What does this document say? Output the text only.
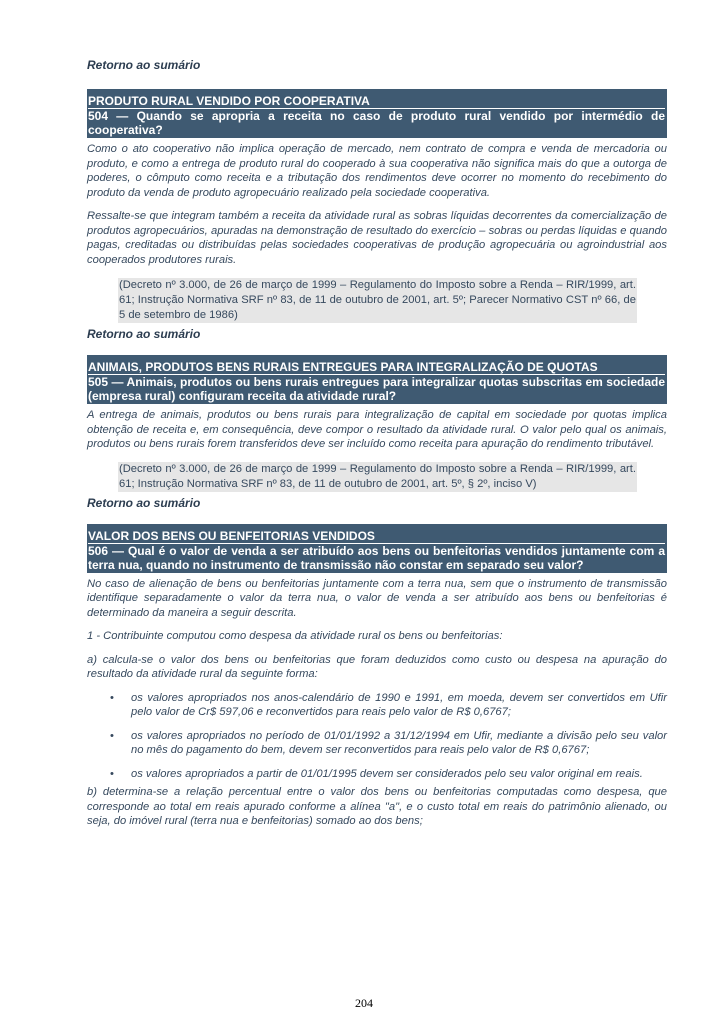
Retorno ao sumário

PRODUTO RURAL VENDIDO POR COOPERATIVA
504 — Quando se apropria a receita no caso de produto rural vendido por intermédio de cooperativa?

Como o ato cooperativo não implica operação de mercado, nem contrato de compra e venda de mercadoria ou produto, e como a entrega de produto rural do cooperado à sua cooperativa não significa mais do que a outorga de poderes, o cômputo como receita e a tributação dos rendimentos deve ocorrer no momento do recebimento do produto da venda de produto agropecuário realizado pela sociedade cooperativa.

Ressalte-se que integram também a receita da atividade rural as sobras líquidas decorrentes da comercialização de produtos agropecuários, apuradas na demonstração de resultado do exercício – sobras ou perdas líquidas e quando pagas, creditadas ou distribuídas pelas sociedades cooperativas de produção agropecuária ou agroindustrial aos cooperados produtores rurais.

(Decreto nº 3.000, de 26 de março de 1999 – Regulamento do Imposto sobre a Renda – RIR/1999, art. 61; Instrução Normativa SRF nº 83, de 11 de outubro de 2001, art. 5º; Parecer Normativo CST nº 66, de 5 de setembro de 1986)

Retorno ao sumário

ANIMAIS, PRODUTOS BENS RURAIS ENTREGUES PARA INTEGRALIZAÇÃO DE QUOTAS
505 — Animais, produtos ou bens rurais entregues para integralizar quotas subscritas em sociedade (empresa rural) configuram receita da atividade rural?

A entrega de animais, produtos ou bens rurais para integralização de capital em sociedade por quotas implica obtenção de receita e, em consequência, deve compor o resultado da atividade rural. O valor pelo qual os animais, produtos ou bens rurais forem transferidos deve ser incluído como receita para apuração do rendimento tributável.

(Decreto nº 3.000, de 26 de março de 1999 – Regulamento do Imposto sobre a Renda – RIR/1999, art. 61; Instrução Normativa SRF nº 83, de 11 de outubro de 2001, art. 5º, § 2º, inciso V)

Retorno ao sumário

VALOR DOS BENS OU BENFEITORIAS VENDIDOS
506 — Qual é o valor de venda a ser atribuído aos bens ou benfeitorias vendidos juntamente com a terra nua, quando no instrumento de transmissão não constar em separado seu valor?

No caso de alienação de bens ou benfeitorias juntamente com a terra nua, sem que o instrumento de transmissão identifique separadamente o valor da terra nua, o valor de venda a ser atribuído aos bens ou benfeitorias é determinado da maneira a seguir descrita.

1 - Contribuinte computou como despesa da atividade rural os bens ou benfeitorias:

a) calcula-se o valor dos bens ou benfeitorias que foram deduzidos como custo ou despesa na apuração do resultado da atividade rural da seguinte forma:

• os valores apropriados nos anos-calendário de 1990 e 1991, em moeda, devem ser convertidos em Ufir pelo valor de Cr$ 597,06 e reconvertidos para reais pelo valor de R$ 0,6767;
• os valores apropriados no período de 01/01/1992 a 31/12/1994 em Ufir, mediante a divisão pelo seu valor no mês do pagamento do bem, devem ser reconvertidos para reais pelo valor de R$ 0,6767;
• os valores apropriados a partir de 01/01/1995 devem ser considerados pelo seu valor original em reais.

b) determina-se a relação percentual entre o valor dos bens ou benfeitorias computadas como despesa, que corresponde ao total em reais apurado conforme a alínea "a", e o custo total em reais do patrimônio alienado, ou seja, do imóvel rural (terra nua e benfeitorias) somado ao dos bens;

204
